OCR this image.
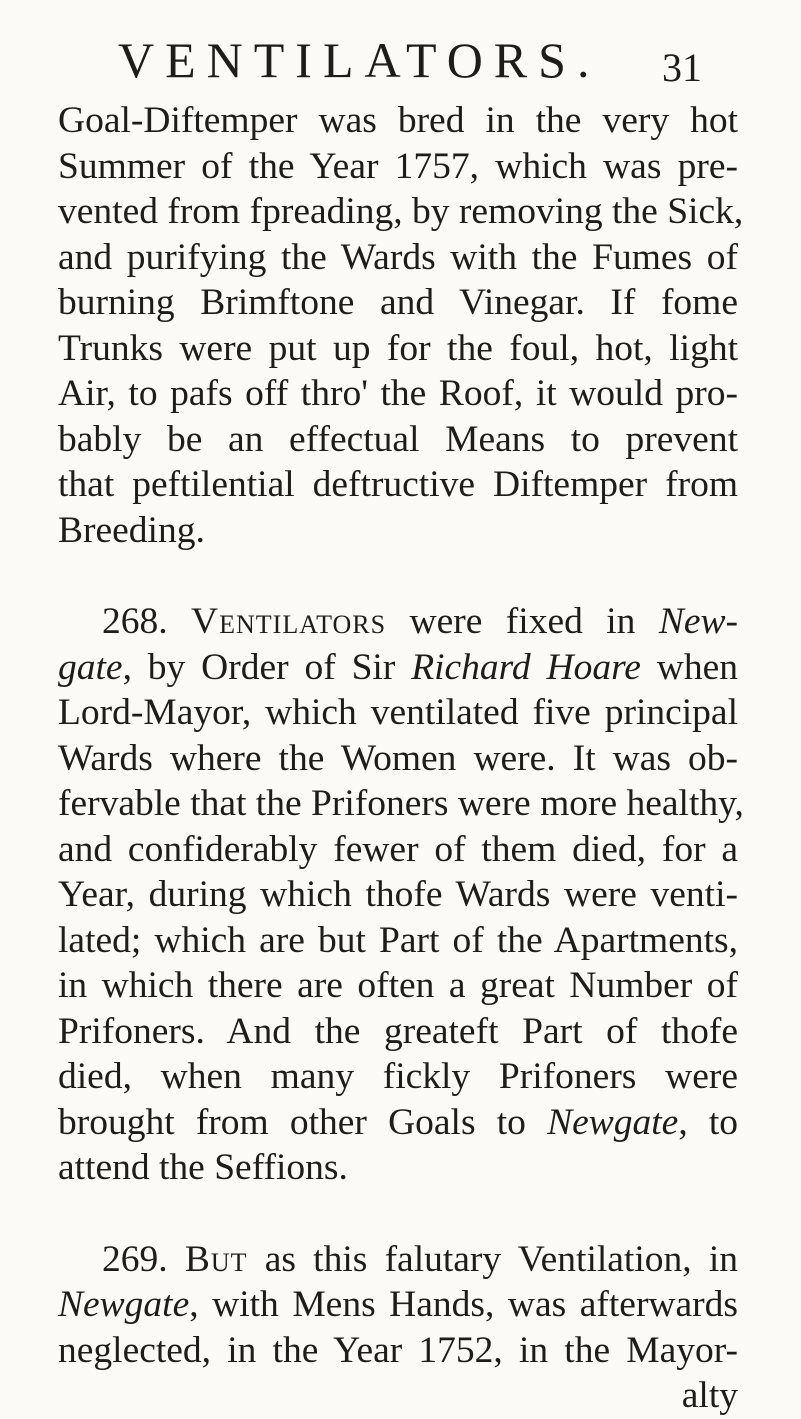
VENTILATORS. 31
Goal-Diftemper was bred in the very hot
Summer of the Year 1757, which was pre-
vented from fpreading, by removing the Sick,
and purifying the Wards with the Fumes of
burning Brimftone and Vinegar. If fome
Trunks were put up for the foul, hot, light
Air, to pafs off thro' the Roof, it would pro-
bably be an effectual Means to prevent
that peftilential deftructive Diftemper from
Breeding.
268. Ventilators were fixed in New-
gate, by Order of Sir Richard Hoare when
Lord-Mayor, which ventilated five principal
Wards where the Women were. It was ob-
fervable that the Prifoners were more healthy,
and confiderably fewer of them died, for a
Year, during which thofe Wards were venti-
lated; which are but Part of the Apartments,
in which there are often a great Number of
Prifoners. And the greateft Part of thofe
died, when many fickly Prifoners were
brought from other Goals to Newgate, to
attend the Seffions.
269. But as this falutary Ventilation, in
Newgate, with Mens Hands, was afterwards
neglected, in the Year 1752, in the Mayor-
alty
